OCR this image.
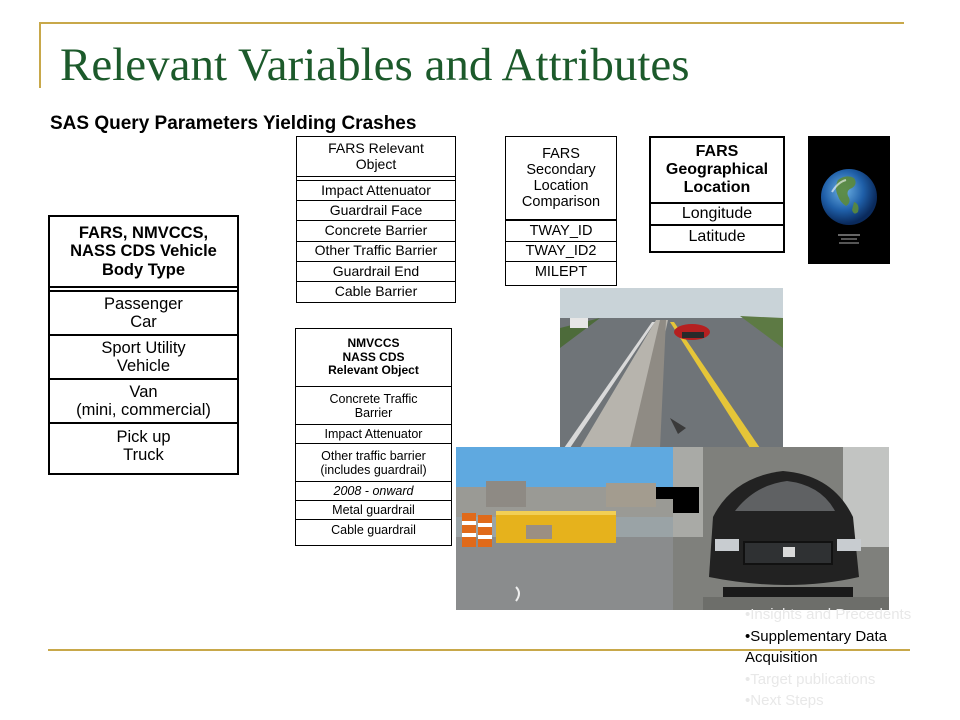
Relevant Variables and Attributes
SAS Query Parameters Yielding Crashes
FARS, NMVCCS,
NASS CDS Vehicle
Body Type
Passenger
Car
Sport Utility
Vehicle
Van
(mini, commercial)
Pick up
Truck
FARS Relevant
Object
Impact Attenuator
Guardrail Face
Concrete Barrier
Other Traffic Barrier
Guardrail End
Cable Barrier
FARS
Secondary
Location
Comparison
TWAY_ID
TWAY_ID2
MILEPT
FARS
Geographical
Location
Longitude
Latitude
NMVCCS
NASS CDS
Relevant Object
Concrete Traffic
Barrier
Impact Attenuator
Other traffic barrier
(includes guardrail)
2008 - onward
Metal guardrail
Cable guardrail
•Insights and Precedents
•Supplementary Data
Acquisition
•Target publications
•Next Steps
